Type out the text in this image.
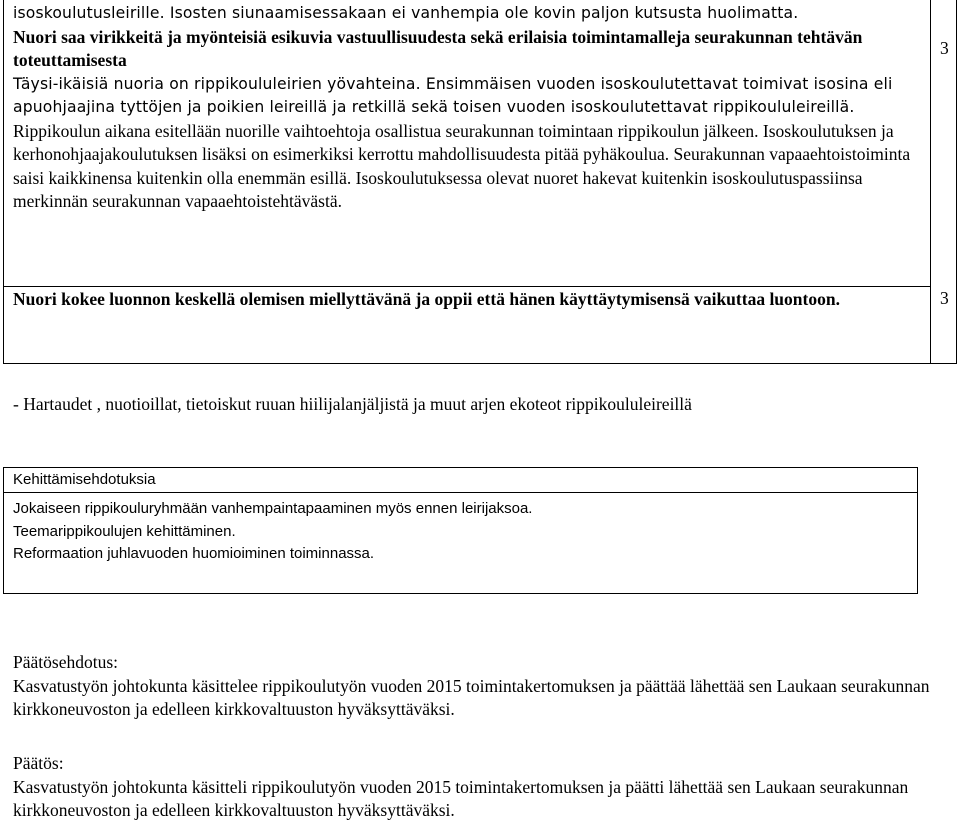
isoskoulutusleirille. Isosten siunaamisessakaan ei vanhempia ole kovin paljon kutsusta huolimatta.

Nuori saa virikkeitä ja myönteisiä esikuvia vastuullisuudesta sekä erilaisia toimintamalleja seurakunnan tehtävän toteuttamisesta

Täysi-ikäisiä nuoria on rippikoululeirien yövahteina. Ensimmäisen vuoden isoskoulutettavat toimivat isosina eli apuohjaajina tyttöjen ja poikien leireillä ja retkillä sekä toisen vuoden isoskoulutettavat rippikoululeireillä.

Rippikoulun aikana esitellään nuorille vaihtoehtoja osallistua seurakunnan toimintaan rippikoulun jälkeen. Isoskoulutuksen ja kerhonohjaajakoulutuksen lisäksi on esimerkiksi kerrottu mahdollisuudesta pitää pyhäkoulua. Seurakunnan vapaaehtoistoiminta saisi kaikkinensa kuitenkin olla enemmän esillä. Isoskoulutuksessa olevat nuoret hakevat kuitenkin isoskoulutuspassiinsa merkinnän seurakunnan vapaaehtoistehtävästä.

3
Nuori kokee luonnon keskellä olemisen miellyttävänä ja oppii että hänen käyttäytymisensä vaikuttaa luontoon.	3
- Hartaudet , nuotioillat, tietoiskut ruuan hiilijalanjäljistä ja muut arjen ekoteot rippikoululeireillä
Kehittämisehdotuksia
Jokaiseen rippikouluryhmään vanhempaintapaaminen myös ennen leirijaksoa.
Teemarippikoulujen kehittäminen.
Reformaation juhlavuoden huomioiminen toiminnassa.

Päätösehdotus:

Kasvatustyön johtokunta käsittelee rippikoulutyön vuoden 2015 toimintakertomuksen ja päättää lähettää sen Laukaan seurakunnan kirkkoneuvoston ja edelleen kirkkovaltuuston hyväksyttäväksi.

Päätös:

Kasvatustyön johtokunta käsitteli rippikoulutyön vuoden 2015 toimintakertomuksen ja päätti lähettää sen Laukaan seurakunnan kirkkoneuvoston ja edelleen kirkkovaltuuston hyväksyttäväksi.
